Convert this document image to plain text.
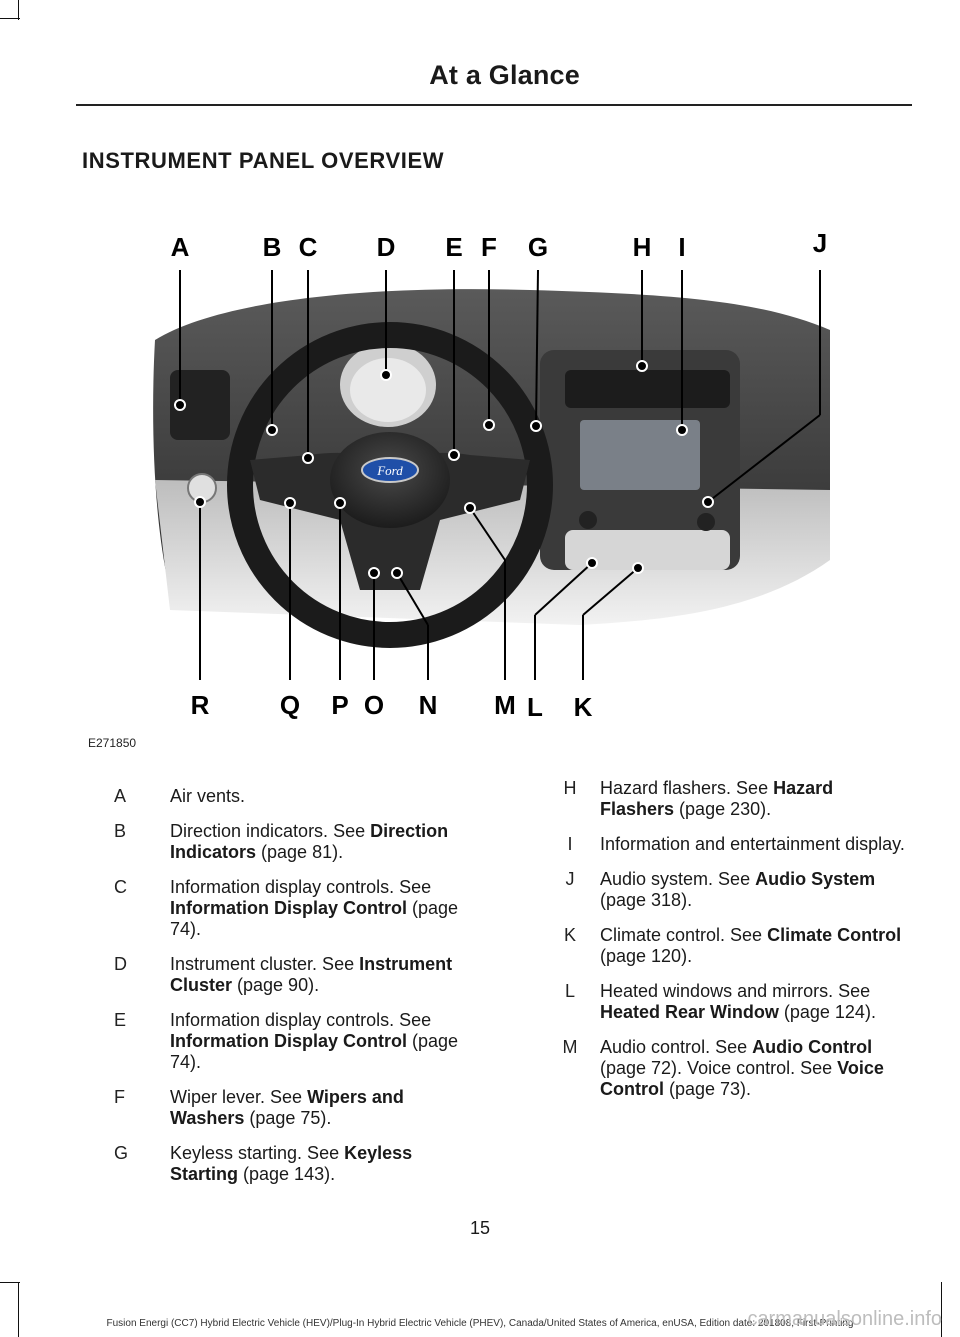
At a Glance
INSTRUMENT PANEL OVERVIEW
Ford
A	B C D E F G	H I	J
R	Q P O N M L K
E271850
A	Air vents.
B	Direction indicators. See Direction Indicators (page 81).
C	Information display controls. See Information Display Control (page 74).
D	Instrument cluster. See Instrument Cluster (page 90).
E	Information display controls. See Information Display Control (page 74).
F	Wiper lever. See Wipers and Washers (page 75).
G	Keyless starting. See Keyless Starting (page 143).
H	Hazard flashers. See Hazard Flashers (page 230).
I	Information and entertainment display.
J	Audio system. See Audio System (page 318).
K	Climate control. See Climate Control (page 120).
L	Heated windows and mirrors. See Heated Rear Window (page 124).
M	Audio control. See Audio Control (page 72). Voice control. See Voice Control (page 73).
15
Fusion Energi (CC7) Hybrid Electric Vehicle (HEV)/Plug-In Hybrid Electric Vehicle (PHEV), Canada/United States of America, enUSA, Edition date: 201808, First-Printing
carmanualsonline.info
